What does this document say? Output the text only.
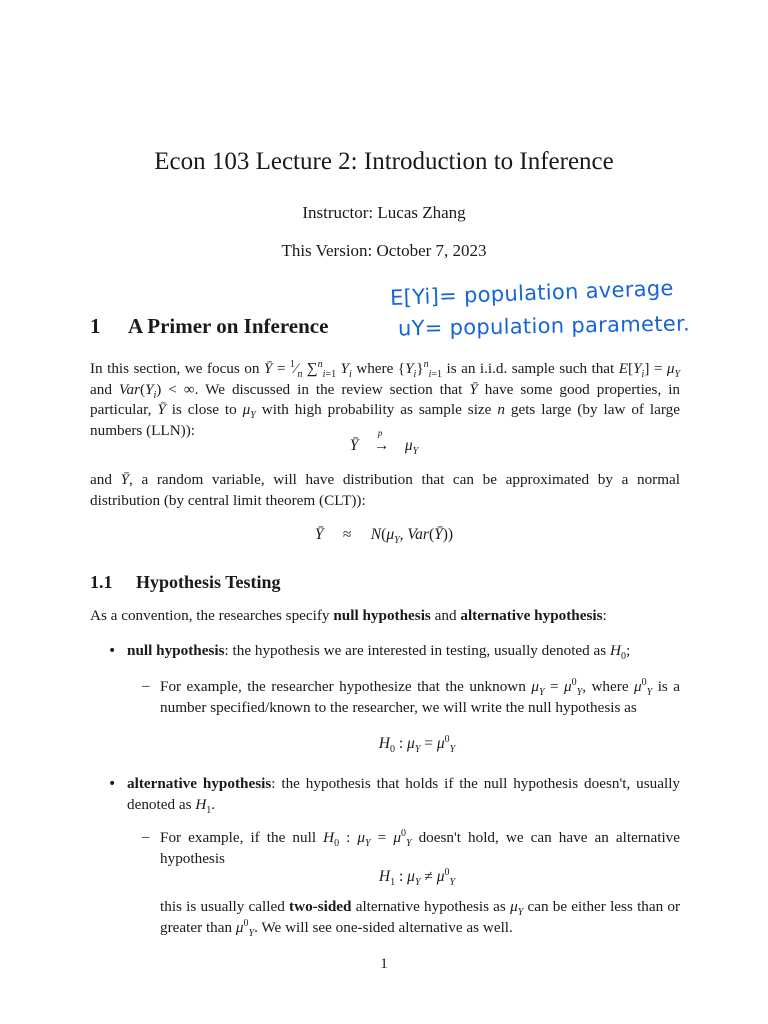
Econ 103 Lecture 2: Introduction to Inference
Instructor: Lucas Zhang
This Version: October 7, 2023
E[Yi]= population average
uY= population parameter.
1 A Primer on Inference
In this section, we focus on Ȳ = $^1⁄_n$ ∑$^n_{i=1}$ $Y_i$ where $\{Y_i\}^n_{i=1}$ is an i.i.d. sample such that $E[Y_i] = \mu_Y$ and $Var(Y_i)$ < ∞. We discussed in the review section that Ȳ have some good properties, in particular, Ȳ is close to $\mu_Y$ with high probability as sample size n gets large (by law of large numbers (LLN)):
Ȳ
p
→ $\mu_Y$
and Ȳ, a random variable, will have distribution that can be approximated by a normal distribution (by central limit theorem (CLT)):
Ȳ ≈ $N(\mu_Y$, Var(Ȳ))
1.1 Hypothesis Testing
As a convention, the researches specify null hypothesis and alternative hypothesis:
• null hypothesis: the hypothesis we are interested in testing, usually denoted as $H_0$;
– For example, the researcher hypothesize that the unknown $\mu_Y = \mu^0_Y$, where $\mu^0_Y$ is a number specified/known to the researcher, we will write the null hypothesis as
$H_0$ : $\mu_Y = \mu^0_Y$
• alternative hypothesis: the hypothesis that holds if the null hypothesis doesn't, usually denoted as $H_1$.
– For example, if the null $H_0$ : $\mu_Y = \mu^0_Y$ doesn't hold, we can have an alternative hypothesis
$H_1$ : $\mu_Y \ne \mu^0_Y$
this is usually called two-sided alternative hypothesis as $\mu_Y$ can be either less than or greater than $\mu^0_Y$. We will see one-sided alternative as well.
1
